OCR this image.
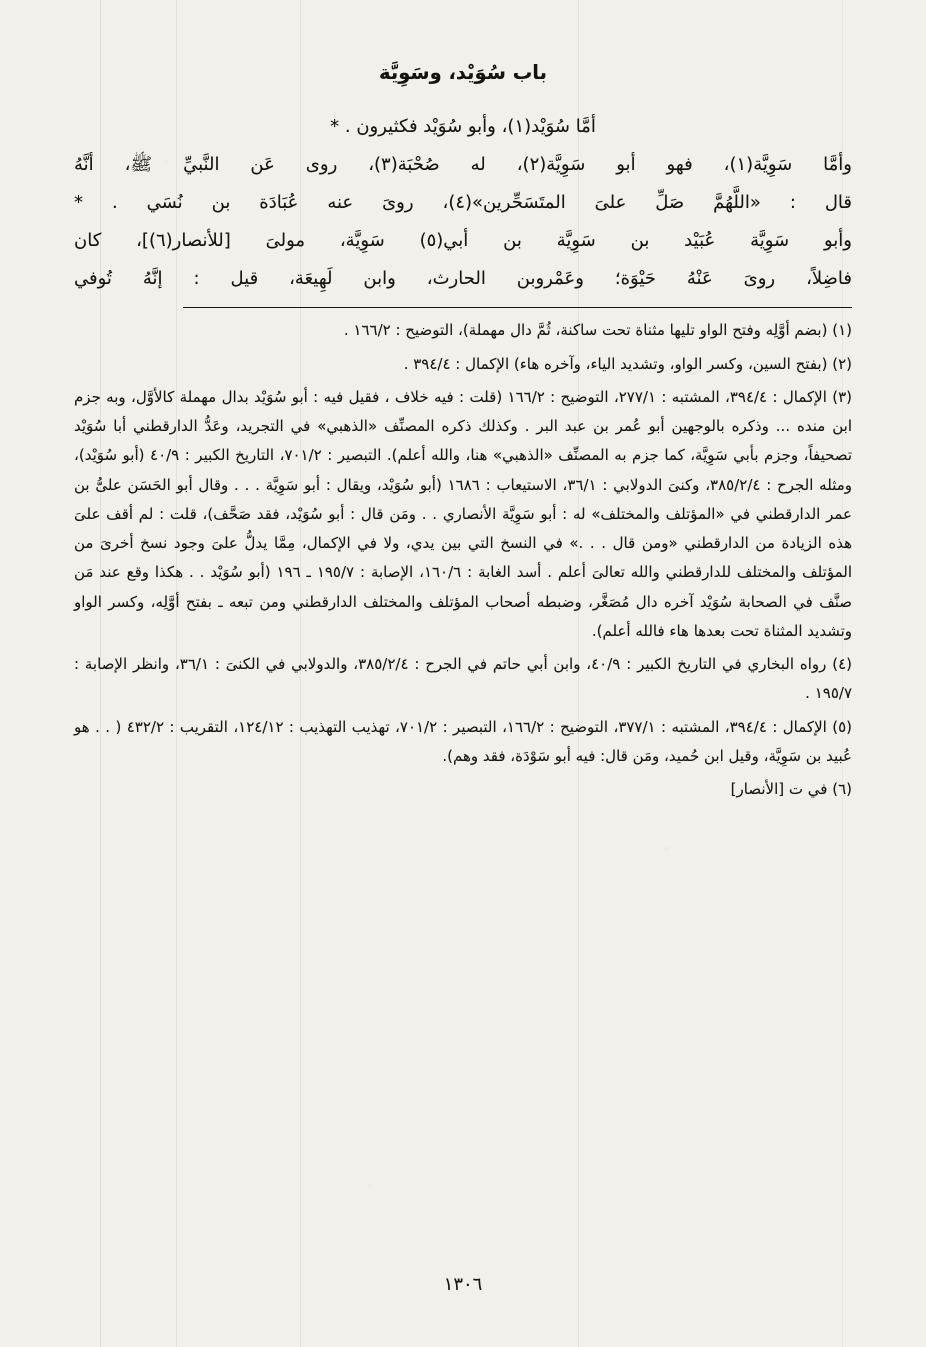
باب سُوَيْد، وسَوِيَّة

أمَّا سُوَيْد(١)، وأبو سُوَيْد فكثيرون . *

وأمَّا سَوِيَّة(١)، فهو أبو سَوِيَّة(٢)، له صُحْبَة(٣)، روى عَن النَّبيِّ ﷺ، أنَّهُ

قال : «اللَّهُمَّ صَلِّ علىَ المتَسَحِّرين»(٤)، روىَ عنه عُبَادَة بن نُسَي . *

وأبو سَوِيَّة عُبَيْد بن سَوِيَّة بن أبي(٥) سَوِيَّة، مولىَ [للأنصار(٦)]، كان

فاضِلاً، روىَ عَنْهُ حَيْوَة؛ وعَمْروبن الحارث، وابن لَهِيعَة، قيل : إنَّهُ تُوفي

(١) (بضم أوَّلِه وفتح الواو تليها مثناة تحت ساكنة، ثُمَّ دال مهملة)، التوضيح : ١٦٦/٢ .
(٢) (بفتح السين، وكسر الواو، وتشديد الياء، وآخره هاء) الإكمال : ٣٩٤/٤ .
(٣) الإكمال : ٣٩٤/٤، المشتبه : ٢٧٧/١، التوضيح : ١٦٦/٢ (قلت : فيه خلاف ، فقيل فيه : أبو سُوَيْد بدال مهملة كالأوَّل، وبه جزم ابن منده ... وذكره بالوجهين أبو عُمر بن عبد البر . وكذلك ذكره المصنِّف «الذهبي» في التجريد، وعَدُّ الدارقطني أبا سُوَيْد تصحيفاً، وجزم بأبي سَوِيَّة، كما جزم به المصنِّف «الذهبي» هنا، والله أعلم). التبصير : ٧٠١/٢، التاريخ الكبير : ٤٠/٩ (أبو سُوَيْد)، ومثله الجرح : ٣٨٥/٢/٤، وكنىَ الدولابي : ٣٦/١، الاستيعاب : ١٦٨٦ (أبو سُوَيْد، ويقال : أبو سَوِيَّة . . . وقال أبو الحَسَن علىُّ بن عمر الدارقطني في «المؤتلف والمختلف» له : أبو سَوِيَّة الأنصاري . . ومَن قال : أبو سُوَيْد، فقد صَحَّف)، قلت : لم أقف علىَ هذه الزيادة من الدارقطني «ومن قال . . .» في النسخ التي بين يدي، ولا في الإكمال، مِمَّا يدلُّ علىَ وجود نسخ أخرىَ من المؤتلف والمختلف للدارقطني والله تعالىَ أعلم . أسد الغابة : ١٦٠/٦، الإصابة : ١٩٥/٧ ـ ١٩٦ (أبو سُوَيْد . . هكذا وقع عند مَن صنَّف في الصحابة سُوَيْد آخره دال مُصَغَّر، وضبطه أصحاب المؤتلف والمختلف الدارقطني ومن تبعه ـ بفتح أوَّلِه، وكسر الواو وتشديد المثناة تحت بعدها هاء فالله أعلم).
(٤) رواه البخاري في التاريخ الكبير : ٤٠/٩، وابن أبي حاتم في الجرح : ٣٨٥/٢/٤، والدولابي في الكنىَ : ٣٦/١، وانظر الإصابة : ١٩٥/٧ .
(٥) الإكمال : ٣٩٤/٤، المشتبه : ٣٧٧/١، التوضيح : ١٦٦/٢، التبصير : ٧٠١/٢، تهذيب التهذيب : ١٢٤/١٢، التقريب : ٤٣٢/٢ ( . . هو عُبيد بن سَوِيَّة، وقيل ابن حُميد، ومَن قال: فيه أبو سَوْدَة، فقد وهم).
(٦) في ت [الأنصار]
١٣٠٦
